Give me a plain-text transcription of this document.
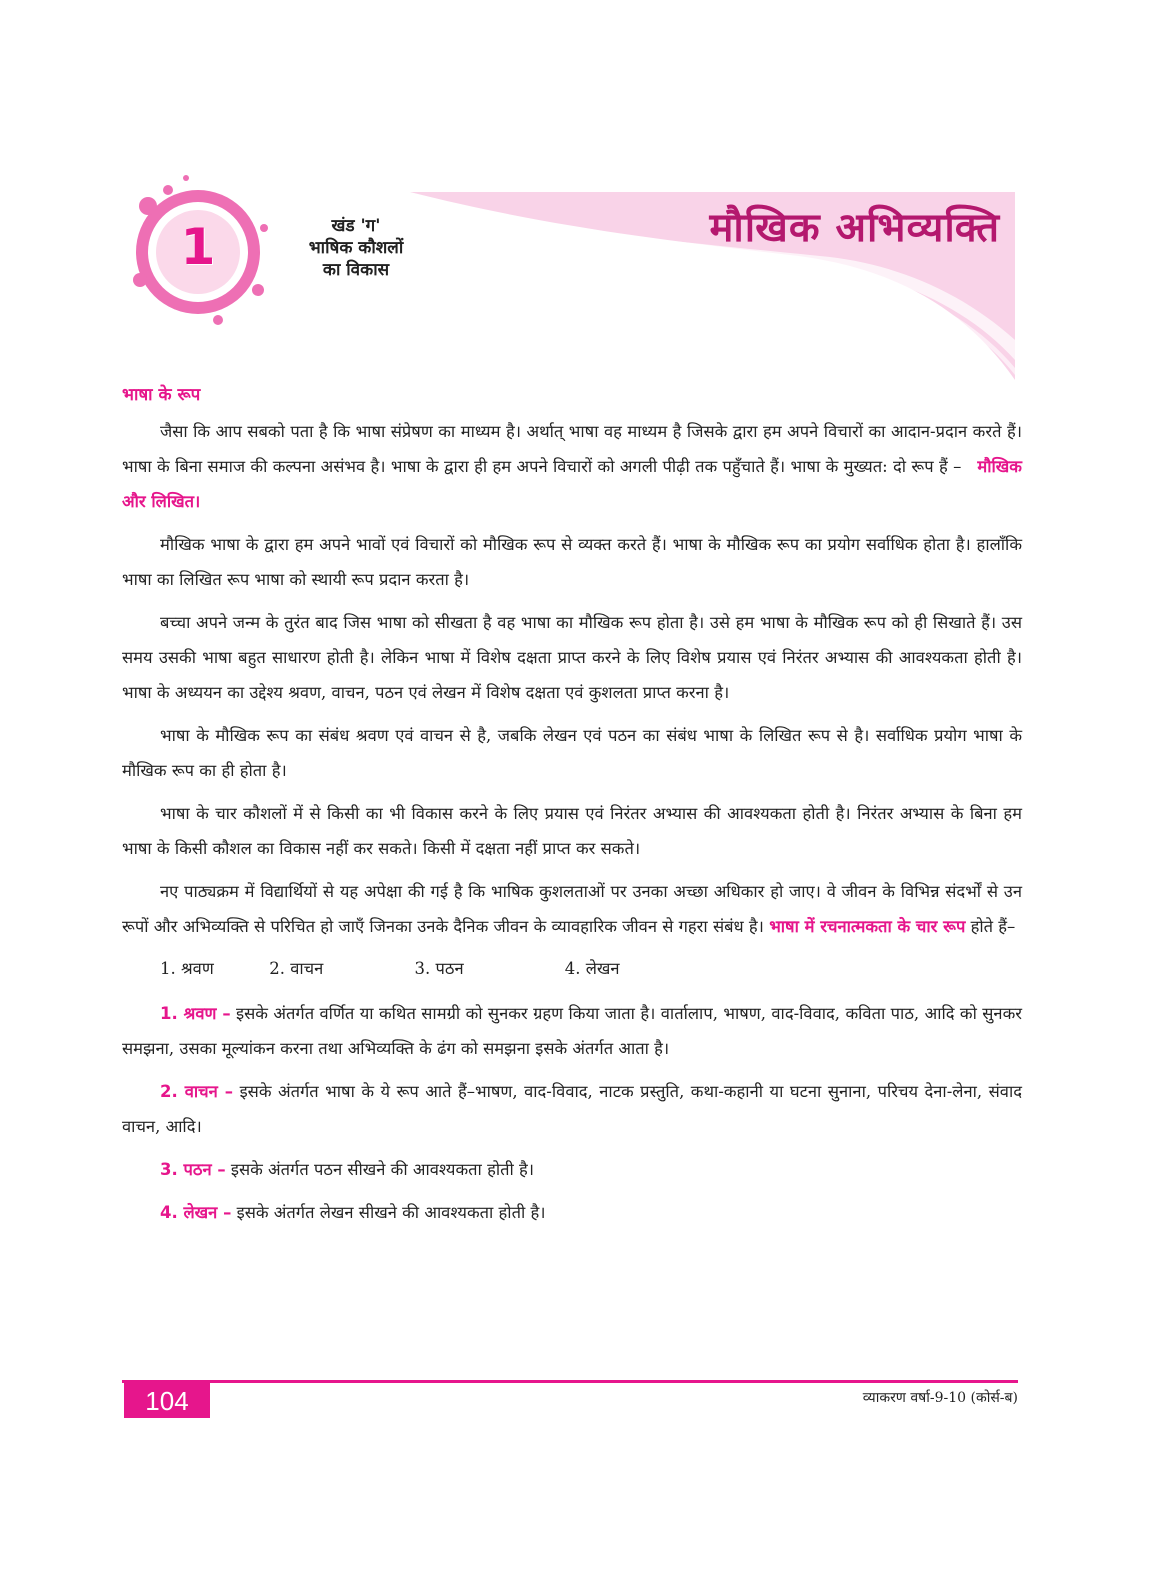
1	खंड 'ग'
भाषिक कौशलों
का विकास
मौखिक अभिव्यक्ति
भाषा के रूप

जैसा कि आप सबको पता है कि भाषा संप्रेषण का माध्यम है। अर्थात् भाषा वह माध्यम है जिसके द्वारा हम अपने विचारों का आदान-प्रदान करते हैं। भाषा के बिना समाज की कल्पना असंभव है। भाषा के द्वारा ही हम अपने विचारों को अगली पीढ़ी तक पहुँचाते हैं। भाषा के मुख्यत: दो रूप हैं – मौखिक और लिखित।

मौखिक भाषा के द्वारा हम अपने भावों एवं विचारों को मौखिक रूप से व्यक्त करते हैं। भाषा के मौखिक रूप का प्रयोग सर्वाधिक होता है। हालाँकि भाषा का लिखित रूप भाषा को स्थायी रूप प्रदान करता है।

बच्चा अपने जन्म के तुरंत बाद जिस भाषा को सीखता है वह भाषा का मौखिक रूप होता है। उसे हम भाषा के मौखिक रूप को ही सिखाते हैं। उस समय उसकी भाषा बहुत साधारण होती है। लेकिन भाषा में विशेष दक्षता प्राप्त करने के लिए विशेष प्रयास एवं निरंतर अभ्यास की आवश्यकता होती है। भाषा के अध्ययन का उद्देश्य श्रवण, वाचन, पठन एवं लेखन में विशेष दक्षता एवं कुशलता प्राप्त करना है।

भाषा के मौखिक रूप का संबंध श्रवण एवं वाचन से है, जबकि लेखन एवं पठन का संबंध भाषा के लिखित रूप से है। सर्वाधिक प्रयोग भाषा के मौखिक रूप का ही होता है।

भाषा के चार कौशलों में से किसी का भी विकास करने के लिए प्रयास एवं निरंतर अभ्यास की आवश्यकता होती है। निरंतर अभ्यास के बिना हम भाषा के किसी कौशल का विकास नहीं कर सकते। किसी में दक्षता नहीं प्राप्त कर सकते।

नए पाठ्यक्रम में विद्यार्थियों से यह अपेक्षा की गई है कि भाषिक कुशलताओं पर उनका अच्छा अधिकार हो जाए। वे जीवन के विभिन्न संदर्भों से उन रूपों और अभिव्यक्ति से परिचित हो जाएँ जिनका उनके दैनिक जीवन के व्यावहारिक जीवन से गहरा संबंध है। भाषा में रचनात्मकता के चार रूप होते हैं–

1. श्रवण	2. वाचन	3. पठन	4. लेखन

1. श्रवण – इसके अंतर्गत वर्णित या कथित सामग्री को सुनकर ग्रहण किया जाता है। वार्तालाप, भाषण, वाद-विवाद, कविता पाठ, आदि को सुनकर समझना, उसका मूल्यांकन करना तथा अभिव्यक्ति के ढंग को समझना इसके अंतर्गत आता है।

2. वाचन – इसके अंतर्गत भाषा के ये रूप आते हैं–भाषण, वाद-विवाद, नाटक प्रस्तुति, कथा-कहानी या घटना सुनाना, परिचय देना-लेना, संवाद वाचन, आदि।

3. पठन – इसके अंतर्गत पठन सीखने की आवश्यकता होती है।

4. लेखन – इसके अंतर्गत लेखन सीखने की आवश्यकता होती है।

104	व्याकरण वर्षा-9-10 (कोर्स-ब)
